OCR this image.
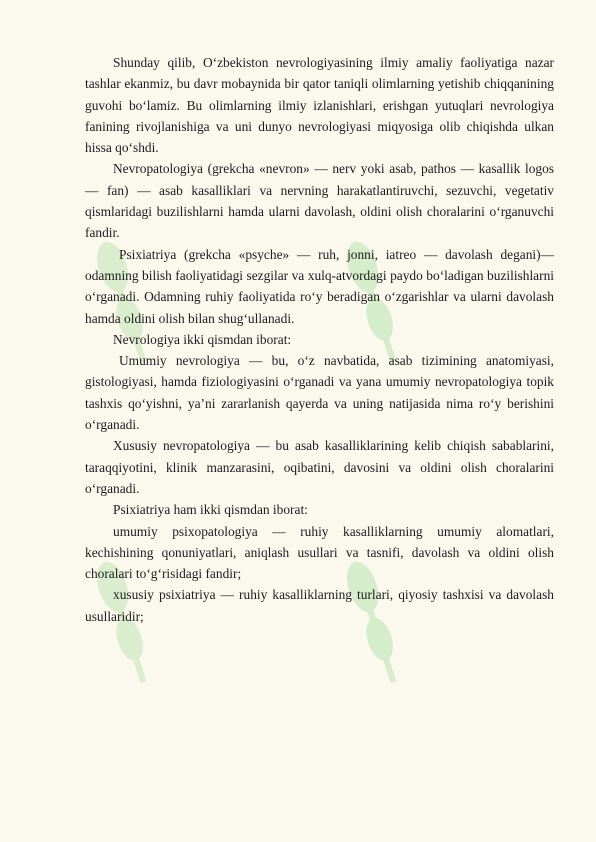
Shunday qilib, O‘zbekiston nevrologiyasining ilmiy amaliy faoliyatiga nazar tashlar ekanmiz, bu davr mobaynida bir qator taniqli olimlarning yetishib chiqqanining guvohi bo‘lamiz. Bu olimlarning ilmiy izlanishlari, erishgan yutuqlari nevrologiya fanining rivojlanishiga va uni dunyo nevrologiyasi miqyosiga olib chiqishda ulkan hissa qo‘shdi.

Nevropatologiya (grekcha «nevron» — nerv yoki asab, pathos — kasallik logos — fan) — asab kasalliklari va nervning harakatlantiruvchi, sezuvchi, vegetativ qismlaridagi buzilishlarni hamda ularni davolash, oldini olish choralarini o‘rganuvchi fandir.

Psixiatriya (grekcha «psyche» — ruh, jonni, iatreo — davolash degani)— odamning bilish faoliyatidagi sezgilar va xulq-atvordagi paydo bo‘ladigan buzilishlarni o‘rganadi. Odamning ruhiy faoliyatida ro‘y beradigan o‘zgarishlar va ularni davolash hamda oldini olish bilan shug‘ullanadi.

Nevrologiya ikki qismdan iborat:

Umumiy nevrologiya — bu, o‘z navbatida, asab tizimining anatomiyasi, gistologiyasi, hamda fiziologiyasini o‘rganadi va yana umumiy nevropatologiya topik tashxis qo‘yishni, ya’ni zararlanish qayerda va uning natijasida nima ro‘y berishini o‘rganadi.

Xususiy nevropatologiya — bu asab kasalliklarining kelib chiqish sabablarini, taraqqiyotini, klinik manzarasini, oqibatini, davosini va oldini olish choralarini o‘rganadi.

Psixiatriya ham ikki qismdan iborat:

umumiy psixopatologiya — ruhiy kasalliklarning umumiy alomatlari, kechishining qonuniyatlari, aniqlash usullari va tasnifi, davolash va oldini olish choralari to‘g‘risidagi fandir;

xususiy psixiatriya — ruhiy kasalliklarning turlari, qiyosiy tashxisi va davolash usullaridir;
